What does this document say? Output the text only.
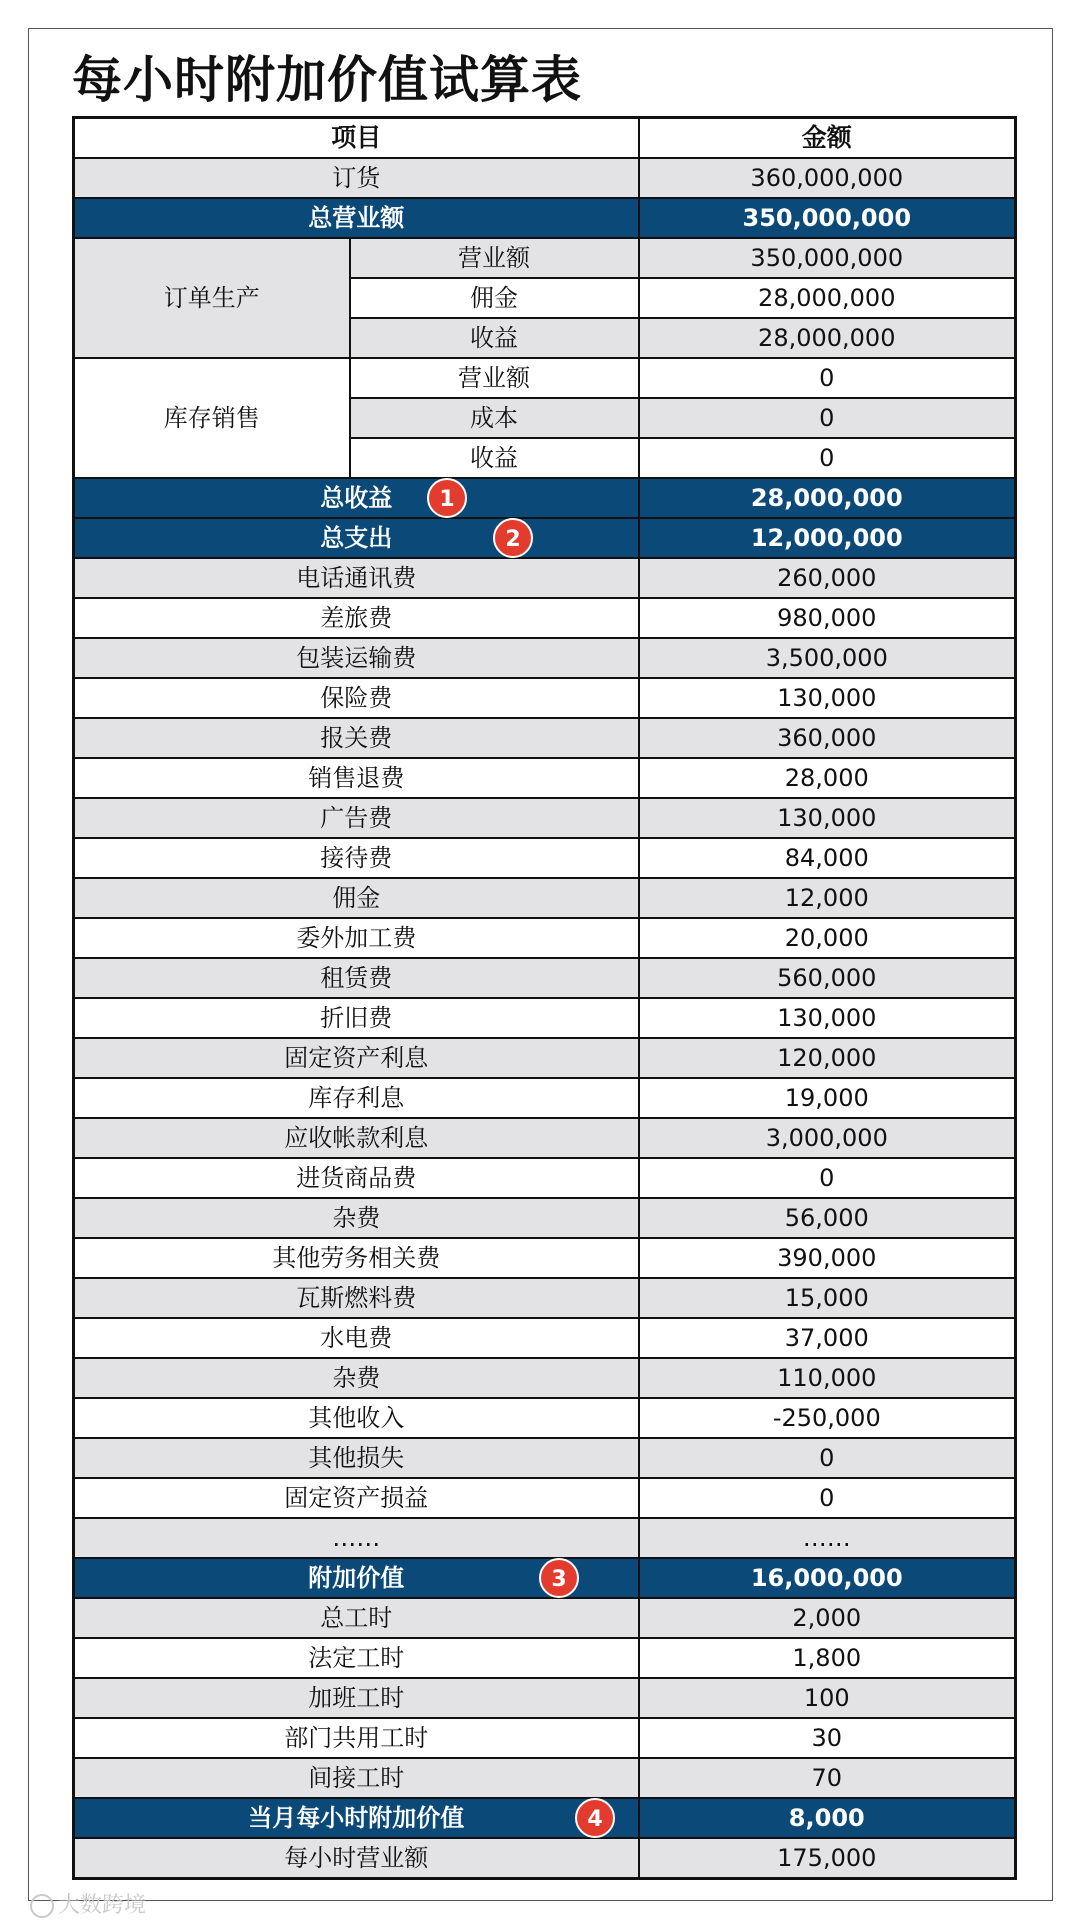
每小时附加价值试算表
项目		金额
订货		360,000,000
总营业额		350,000,000
订单生产	营业额	350,000,000
	佣金	28,000,000
	收益	28,000,000
库存销售	营业额	0
	成本	0
	收益	0
总收益 1		28,000,000
总支出 2		12,000,000
电话通讯费		260,000
差旅费		980,000
包装运输费		3,500,000
保险费		130,000
报关费		360,000
销售退费		28,000
广告费		130,000
接待费		84,000
佣金		12,000
委外加工费		20,000
租赁费		560,000
折旧费		130,000
固定资产利息		120,000
库存利息		19,000
应收帐款利息		3,000,000
进货商品费		0
杂费		56,000
其他劳务相关费		390,000
瓦斯燃料费		15,000
水电费		37,000
杂费		110,000
其他收入		-250,000
其他损失		0
固定资产损益		0
……		……
附加价值 3		16,000,000
总工时		2,000
法定工时		1,800
加班工时		100
部门共用工时		30
间接工时		70
当月每小时附加价值 4		8,000
每小时营业额		175,000
大数跨境
